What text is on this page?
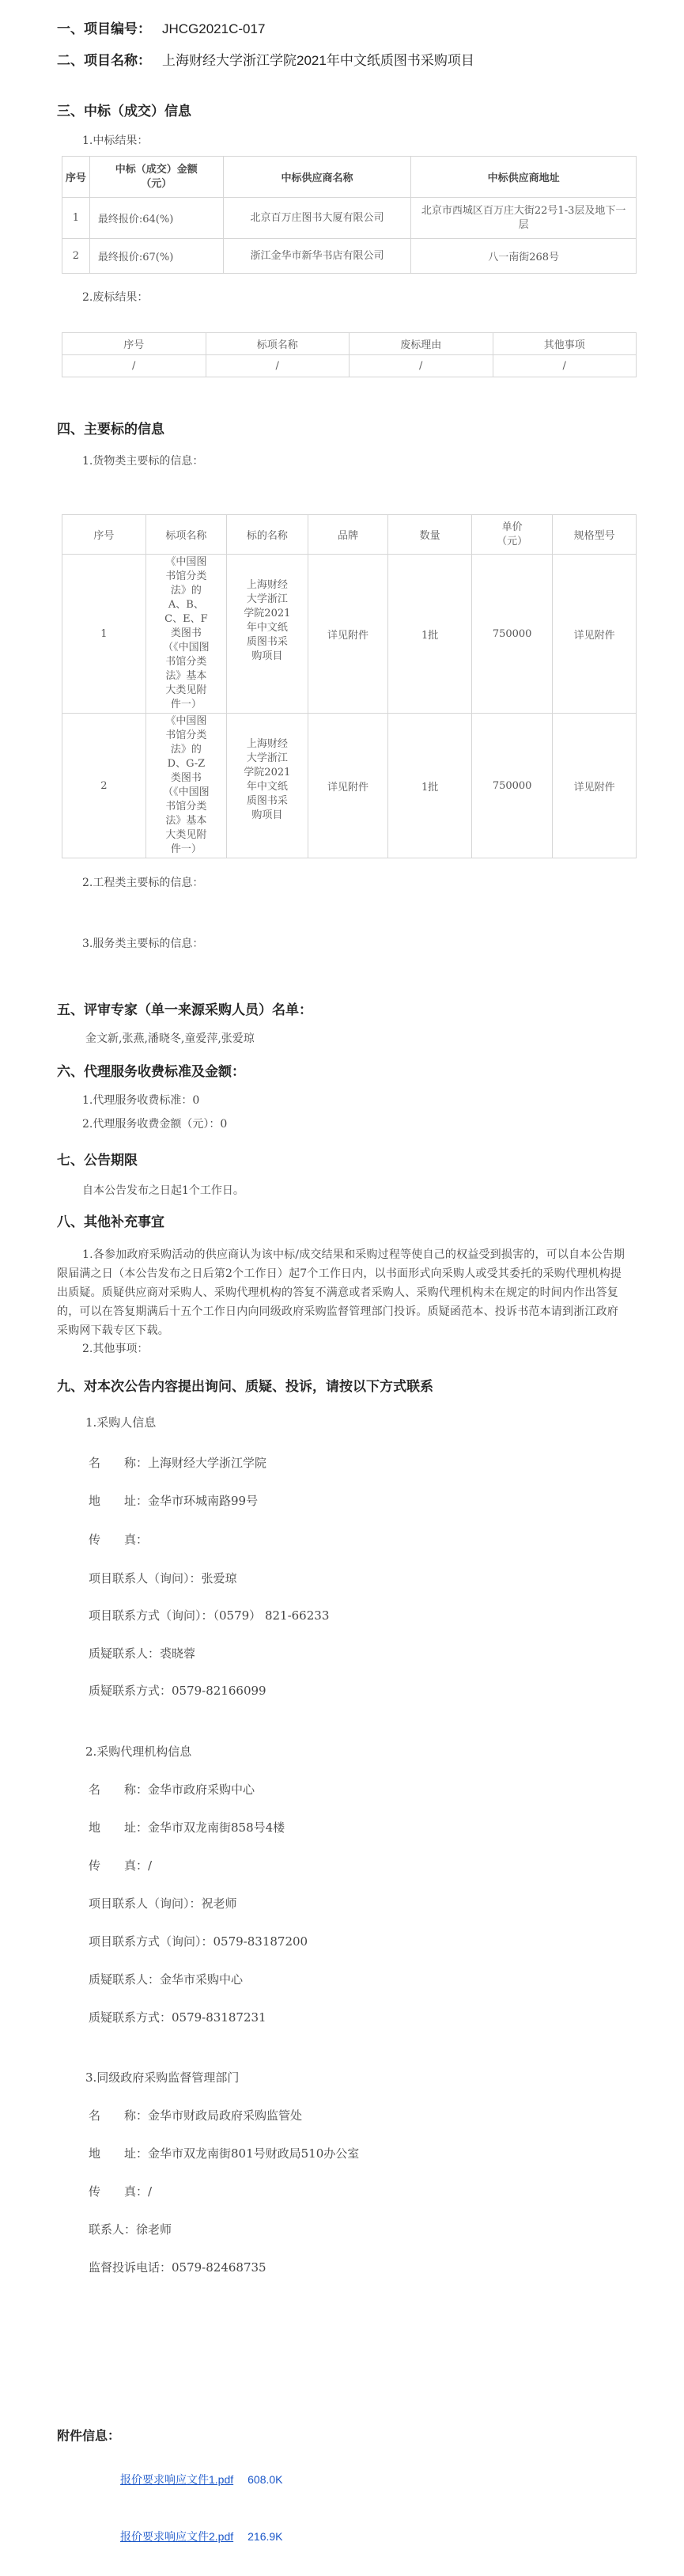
一、项目编号： JHCG2021C-017
二、项目名称： 上海财经大学浙江学院2021年中文纸质图书采购项目
三、中标（成交）信息
1.中标结果：
序号	中标（成交）金额（元）	中标供应商名称	中标供应商地址
1	最终报价:64(%)	北京百万庄图书大厦有限公司	北京市西城区百万庄大街22号1-3层及地下一层

2	最终报价:67(%)	浙江金华市新华书店有限公司	八一南街268号
2.废标结果：
序号	标项名称	废标理由	其他事项
/	/	/	/
四、主要标的信息
1.货物类主要标的信息：
序号	标项名称	标的名称	品牌	数量	单价（元）	规格型号
1	《中国图书馆分类法》的A、B、C、E、F类图书（《中国图书馆分类法》基本大类见附件一）	上海财经大学浙江学院2021年中文纸质图书采购项目	详见附件	1批	750000	详见附件
2	《中国图书馆分类法》的D、G-Z类图书（《中国图书馆分类法》基本大类见附件一）	上海财经大学浙江学院2021年中文纸质图书采购项目	详见附件	1批	750000	详见附件
2.工程类主要标的信息：
3.服务类主要标的信息：
五、评审专家（单一来源采购人员）名单：
金文新,张燕,潘晓冬,童爱萍,张爱琼
六、代理服务收费标准及金额：
1.代理服务收费标准：0
2.代理服务收费金额（元）：0
七、公告期限
自本公告发布之日起1个工作日。
八、其他补充事宜
1.各参加政府采购活动的供应商认为该中标/成交结果和采购过程等使自己的权益受到损害的，可以自本公告期限届满之日（本公告发布之日后第2个工作日）起7个工作日内，以书面形式向采购人或受其委托的采购代理机构提出质疑。质疑供应商对采购人、采购代理机构的答复不满意或者采购人、采购代理机构未在规定的时间内作出答复的，可以在答复期满后十五个工作日内向同级政府采购监督管理部门投诉。质疑函范本、投诉书范本请到浙江政府采购网下载专区下载。
2.其他事项：
九、对本次公告内容提出询问、质疑、投诉，请按以下方式联系
1.采购人信息
名　　称：上海财经大学浙江学院
地　　址：金华市环城南路99号
传　　真：
项目联系人（询问）：张爱琼
项目联系方式（询问）：（0579） 821-66233
质疑联系人：裘晓蓉
质疑联系方式：0579-82166099
2.采购代理机构信息
名　　称：金华市政府采购中心
地　　址：金华市双龙南街858号4楼
传　　真：/
项目联系人（询问）：祝老师
项目联系方式（询问）：0579-83187200
质疑联系人：金华市采购中心
质疑联系方式：0579-83187231
3.同级政府采购监督管理部门
名　　称：金华市财政局政府采购监管处
地　　址：金华市双龙南街801号财政局510办公室
传　　真：/
联系人：徐老师
监督投诉电话：0579-82468735
附件信息：
报价要求响应文件1.pdf 608.0K
报价要求响应文件2.pdf 216.9K
